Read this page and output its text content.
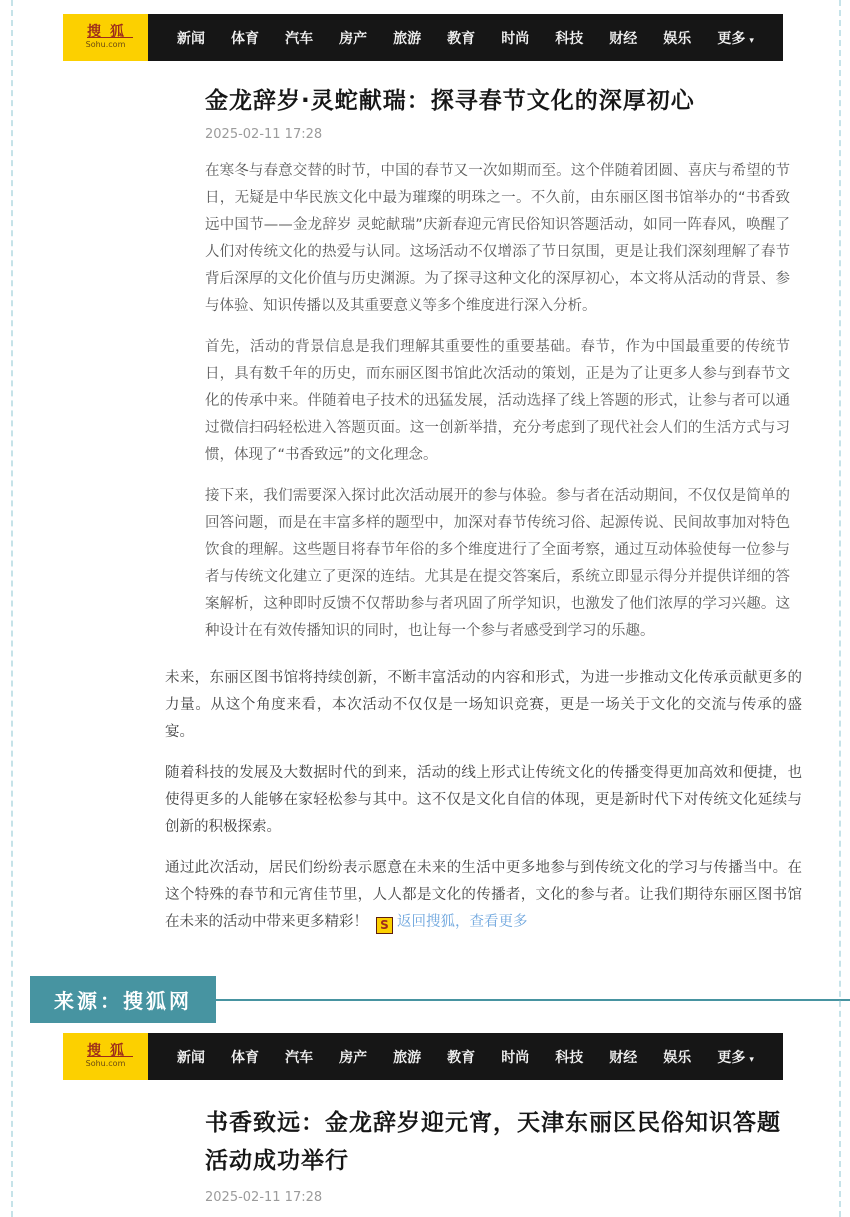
搜狐
Sohu.com	新闻 体育 汽车 房产 旅游 教育 时尚 科技 财经 娱乐 更多 ▾
金龙辞岁·灵蛇献瑞：探寻春节文化的深厚初心
2025-02-11 17:28

在寒冬与春意交替的时节，中国的春节又一次如期而至。这个伴随着团圆、喜庆与希望的节日，无疑是中华民族文化中最为璀璨的明珠之一。不久前，由东丽区图书馆举办的“书香致远中国节——金龙辞岁 灵蛇献瑞”庆新春迎元宵民俗知识答题活动，如同一阵春风，唤醒了人们对传统文化的热爱与认同。这场活动不仅增添了节日氛围，更是让我们深刻理解了春节背后深厚的文化价值与历史渊源。为了探寻这种文化的深厚初心，本文将从活动的背景、参与体验、知识传播以及其重要意义等多个维度进行深入分析。

首先，活动的背景信息是我们理解其重要性的重要基础。春节，作为中国最重要的传统节日，具有数千年的历史，而东丽区图书馆此次活动的策划，正是为了让更多人参与到春节文化的传承中来。伴随着电子技术的迅猛发展，活动选择了线上答题的形式，让参与者可以通过微信扫码轻松进入答题页面。这一创新举措，充分考虑到了现代社会人们的生活方式与习惯，体现了“书香致远”的文化理念。

接下来，我们需要深入探讨此次活动展开的参与体验。参与者在活动期间，不仅仅是简单的回答问题，而是在丰富多样的题型中，加深对春节传统习俗、起源传说、民间故事加对特色饮食的理解。这些题目将春节年俗的多个维度进行了全面考察，通过互动体验使每一位参与者与传统文化建立了更深的连结。尤其是在提交答案后，系统立即显示得分并提供详细的答案解析，这种即时反馈不仅帮助参与者巩固了所学知识，也激发了他们浓厚的学习兴趣。这种设计在有效传播知识的同时，也让每一个参与者感受到学习的乐趣。

未来，东丽区图书馆将持续创新，不断丰富活动的内容和形式，为进一步推动文化传承贡献更多的力量。从这个角度来看，本次活动不仅仅是一场知识竞赛，更是一场关于文化的交流与传承的盛宴。

随着科技的发展及大数据时代的到来，活动的线上形式让传统文化的传播变得更加高效和便捷，也使得更多的人能够在家轻松参与其中。这不仅是文化自信的体现，更是新时代下对传统文化延续与创新的积极探索。

通过此次活动，居民们纷纷表示愿意在未来的生活中更多地参与到传统文化的学习与传播当中。在这个特殊的春节和元宵佳节里，人人都是文化的传播者，文化的参与者。让我们期待东丽区图书馆在未来的活动中带来更多精彩！ S 返回搜狐，查看更多

来源：搜狐网
搜狐
Sohu.com	新闻 体育 汽车 房产 旅游 教育 时尚 科技 财经 娱乐 更多 ▾
书香致远：金龙辞岁迎元宵，天津东丽区民俗知识答题活动成功举行
2025-02-11 17:28
